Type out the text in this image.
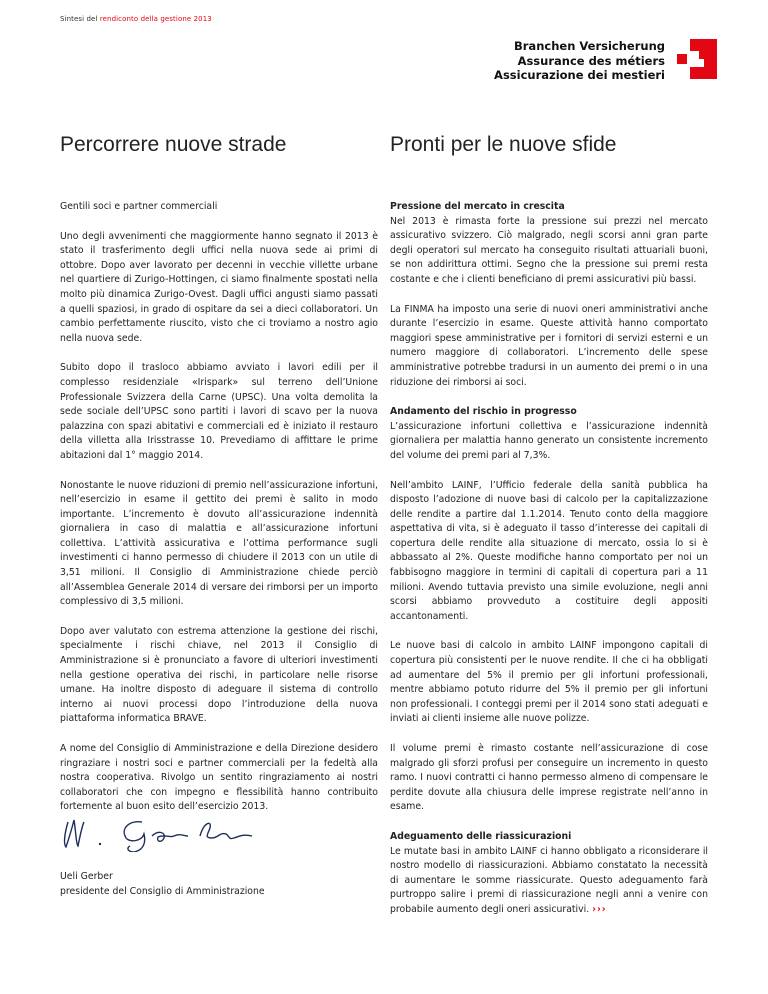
Sintesi del rendiconto della gestione 2013
Branchen Versicherung
Assurance des métiers
Assicurazione dei mestieri
Percorrere nuove strade	Pronti per le nuove sfide

Gentili soci e partner commerciali

Uno degli avvenimenti che maggiormente hanno segnato il 2013 è stato il trasferimento degli uffici nella nuova sede ai primi di ottobre. Dopo aver lavorato per decenni in vecchie villette urbane nel quartiere di Zurigo-Hottingen, ci siamo finalmente spostati nella molto più dinamica Zurigo-Ovest. Dagli uffici angusti siamo passati a quelli spaziosi, in grado di ospitare da sei a dieci collaboratori. Un cambio perfettamente riuscito, visto che ci troviamo a nostro agio nella nuova sede.

Subito dopo il trasloco abbiamo avviato i lavori edili per il complesso residenziale «Irispark» sul terreno dell’Unione Professionale Svizzera della Carne (UPSC). Una volta demolita la sede sociale dell’UPSC sono partiti i lavori di scavo per la nuova palazzina con spazi abitativi e commerciali ed è iniziato il restauro della villetta alla Irisstrasse 10. Prevediamo di affittare le prime abitazioni dal 1° maggio 2014.

Nonostante le nuove riduzioni di premio nell’assicurazione infortuni, nell’esercizio in esame il gettito dei premi è salito in modo importante. L’incremento è dovuto all’assicurazione indennità giornaliera in caso di malattia e all’assicurazione infortuni collettiva. L’attività assicurativa e l’ottima performance sugli investimenti ci hanno permesso di chiudere il 2013 con un utile di 3,51 milioni. Il Consiglio di Amministrazione chiede perciò all’Assemblea Generale 2014 di versare dei rimborsi per un importo complessivo di 3,5 milioni.

Dopo aver valutato con estrema attenzione la gestione dei rischi, specialmente i rischi chiave, nel 2013 il Consiglio di Amministrazione si è pronunciato a favore di ulteriori investimenti nella gestione operativa dei rischi, in particolare nelle risorse umane. Ha inoltre disposto di adeguare il sistema di controllo interno ai nuovi processi dopo l’introduzione della nuova piattaforma informatica BRAVE.

A nome del Consiglio di Amministrazione e della Direzione desidero ringraziare i nostri soci e partner commerciali per la fedeltà alla nostra cooperativa. Rivolgo un sentito ringraziamento ai nostri collaboratori che con impegno e flessibilità hanno contribuito fortemente al buon esito dell’esercizio 2013.

Ueli Gerber

presidente del Consiglio di Amministrazione

Pressione del mercato in crescita

Nel 2013 è rimasta forte la pressione sui prezzi nel mercato assicurativo svizzero. Ciò malgrado, negli scorsi anni gran parte degli operatori sul mercato ha conseguito risultati attuariali buoni, se non addirittura ottimi. Segno che la pressione sui premi resta costante e che i clienti beneficiano di premi assicurativi più bassi.

La FINMA ha imposto una serie di nuovi oneri amministrativi anche durante l’esercizio in esame. Queste attività hanno comportato maggiori spese amministrative per i fornitori di servizi esterni e un numero maggiore di collaboratori. L’incremento delle spese amministrative potrebbe tradursi in un aumento dei premi o in una riduzione dei rimborsi ai soci.

Andamento del rischio in progresso

L’assicurazione infortuni collettiva e l’assicurazione indennità giornaliera per malattia hanno generato un consistente incremento del volume dei premi pari al 7,3%.

Nell’ambito LAINF, l’Ufficio federale della sanità pubblica ha disposto l’adozione di nuove basi di calcolo per la capitalizzazione delle rendite a partire dal 1.1.2014. Tenuto conto della maggiore aspettativa di vita, si è adeguato il tasso d’interesse dei capitali di copertura delle rendite alla situazione di mercato, ossia lo si è abbassato al 2%. Queste modifiche hanno comportato per noi un fabbisogno maggiore in termini di capitali di copertura pari a 11 milioni. Avendo tuttavia previsto una simile evoluzione, negli anni scorsi abbiamo provveduto a costituire degli appositi accantonamenti.

Le nuove basi di calcolo in ambito LAINF impongono capitali di copertura più consistenti per le nuove rendite. Il che ci ha obbligati ad aumentare del 5% il premio per gli infortuni professionali, mentre abbiamo potuto ridurre del 5% il premio per gli infortuni non professionali. I conteggi premi per il 2014 sono stati adeguati e inviati ai clienti insieme alle nuove polizze.

Il volume premi è rimasto costante nell’assicurazione di cose malgrado gli sforzi profusi per conseguire un incremento in questo ramo. I nuovi contratti ci hanno permesso almeno di compensare le perdite dovute alla chiusura delle imprese registrate nell’anno in esame.

Adeguamento delle riassicurazioni

Le mutate basi in ambito LAINF ci hanno obbligato a riconsiderare il nostro modello di riassicurazioni. Abbiamo constatato la necessità di aumentare le somme riassicurate. Questo adeguamento farà purtroppo salire i premi di riassicurazione negli anni a venire con probabile aumento degli oneri assicurativi. ›››
